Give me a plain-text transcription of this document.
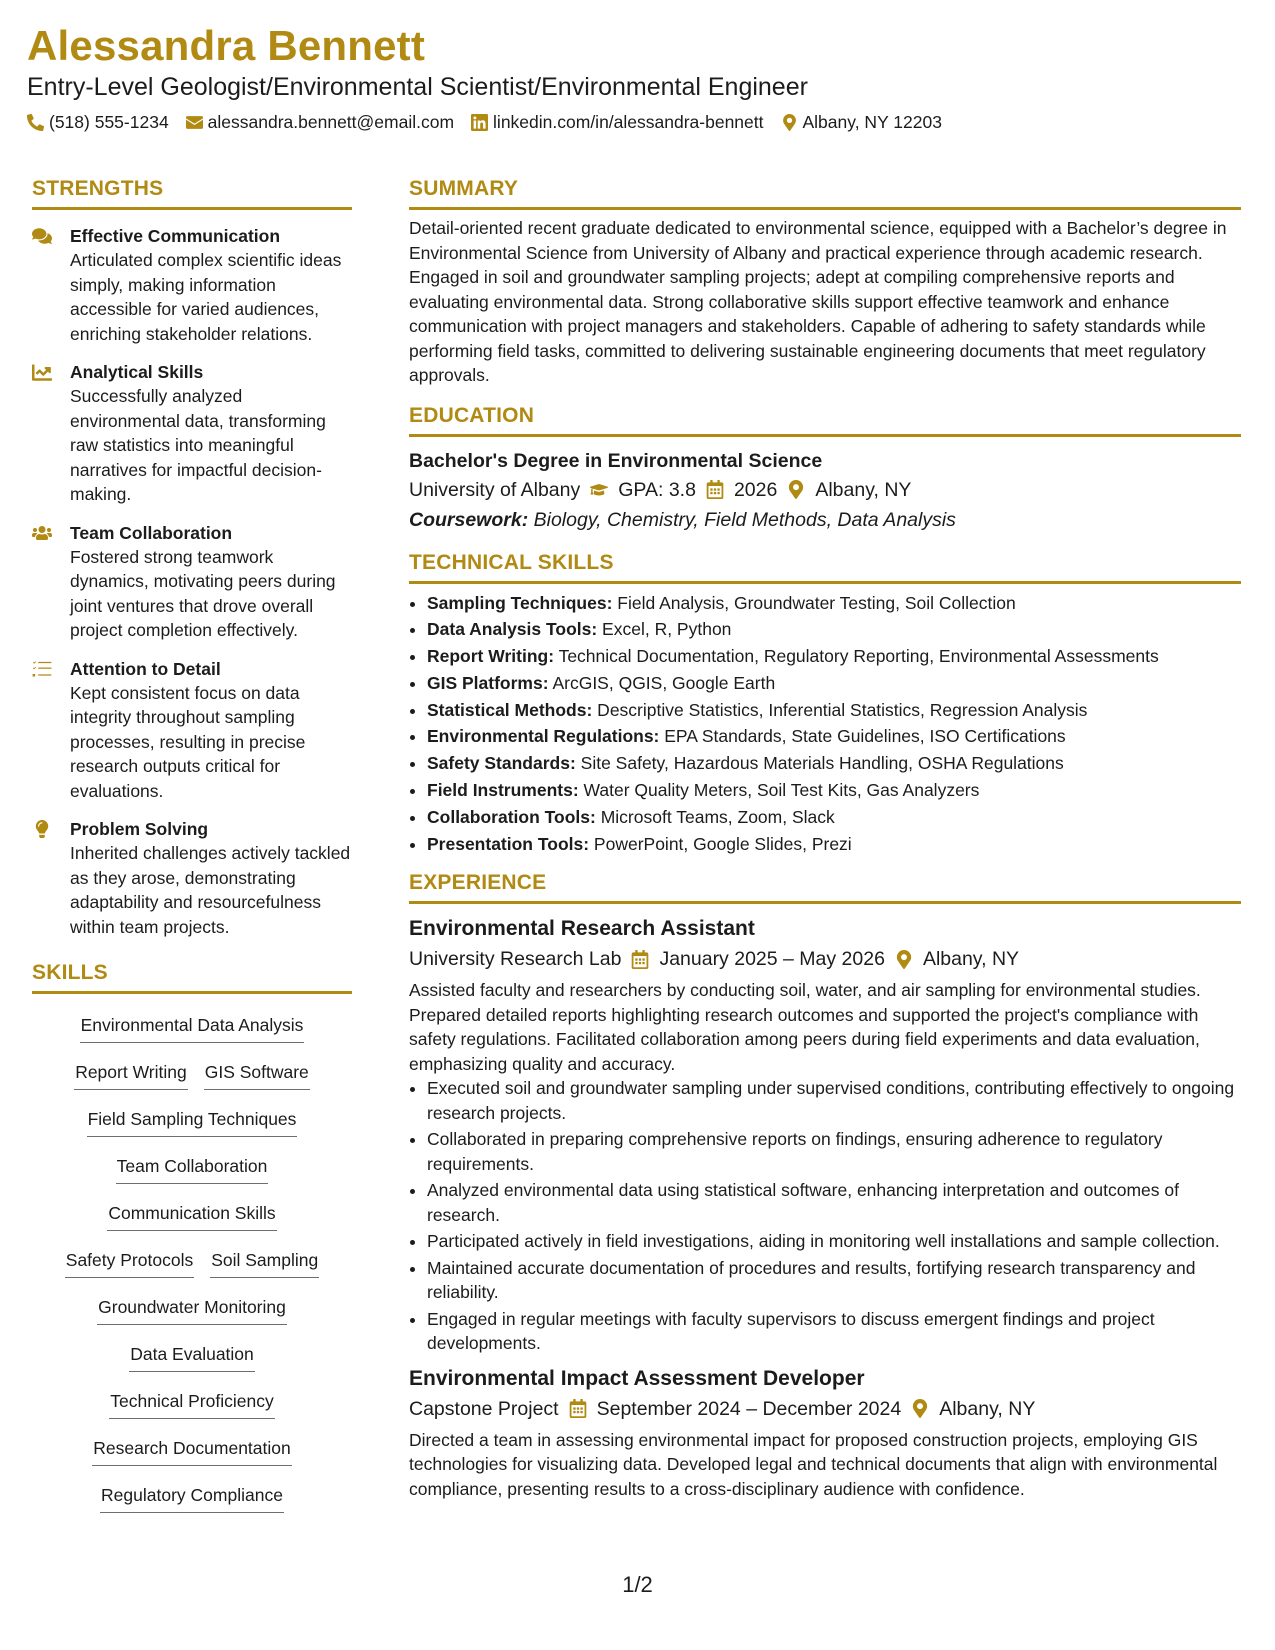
Alessandra Bennett
Entry-Level Geologist/Environmental Scientist/Environmental Engineer
(518) 555-1234 alessandra.bennett@email.com linkedin.com/in/alessandra-bennett Albany, NY 12203
STRENGTHS
Effective Communication
Articulated complex scientific ideas simply, making information accessible for varied audiences, enriching stakeholder relations.
Analytical Skills
Successfully analyzed environmental data, transforming raw statistics into meaningful narratives for impactful decision-making.
Team Collaboration
Fostered strong teamwork dynamics, motivating peers during joint ventures that drove overall project completion effectively.
Attention to Detail
Kept consistent focus on data integrity throughout sampling processes, resulting in precise research outputs critical for evaluations.
Problem Solving
Inherited challenges actively tackled as they arose, demonstrating adaptability and resourcefulness within team projects.
SKILLS
Environmental Data Analysis
Report Writing GIS Software
Field Sampling Techniques
Team Collaboration
Communication Skills
Safety Protocols Soil Sampling
Groundwater Monitoring
Data Evaluation
Technical Proficiency
Research Documentation
Regulatory Compliance
SUMMARY
Detail-oriented recent graduate dedicated to environmental science, equipped with a Bachelor’s degree in Environmental Science from University of Albany and practical experience through academic research. Engaged in soil and groundwater sampling projects; adept at compiling comprehensive reports and evaluating environmental data. Strong collaborative skills support effective teamwork and enhance communication with project managers and stakeholders. Capable of adhering to safety standards while performing field tasks, committed to delivering sustainable engineering documents that meet regulatory approvals.
EDUCATION
Bachelor's Degree in Environmental Science
University of Albany GPA: 3.8 2026 Albany, NY
Coursework: Biology, Chemistry, Field Methods, Data Analysis
TECHNICAL SKILLS
• Sampling Techniques: Field Analysis, Groundwater Testing, Soil Collection
• Data Analysis Tools: Excel, R, Python
• Report Writing: Technical Documentation, Regulatory Reporting, Environmental Assessments
• GIS Platforms: ArcGIS, QGIS, Google Earth
• Statistical Methods: Descriptive Statistics, Inferential Statistics, Regression Analysis
• Environmental Regulations: EPA Standards, State Guidelines, ISO Certifications
• Safety Standards: Site Safety, Hazardous Materials Handling, OSHA Regulations
• Field Instruments: Water Quality Meters, Soil Test Kits, Gas Analyzers
• Collaboration Tools: Microsoft Teams, Zoom, Slack
• Presentation Tools: PowerPoint, Google Slides, Prezi
EXPERIENCE
Environmental Research Assistant
University Research Lab January 2025 – May 2026 Albany, NY
Assisted faculty and researchers by conducting soil, water, and air sampling for environmental studies. Prepared detailed reports highlighting research outcomes and supported the project's compliance with safety regulations. Facilitated collaboration among peers during field experiments and data evaluation, emphasizing quality and accuracy.
• Executed soil and groundwater sampling under supervised conditions, contributing effectively to ongoing research projects.
• Collaborated in preparing comprehensive reports on findings, ensuring adherence to regulatory requirements.
• Analyzed environmental data using statistical software, enhancing interpretation and outcomes of research.
• Participated actively in field investigations, aiding in monitoring well installations and sample collection.
• Maintained accurate documentation of procedures and results, fortifying research transparency and reliability.
• Engaged in regular meetings with faculty supervisors to discuss emergent findings and project developments.
Environmental Impact Assessment Developer
Capstone Project September 2024 – December 2024 Albany, NY
Directed a team in assessing environmental impact for proposed construction projects, employing GIS technologies for visualizing data. Developed legal and technical documents that align with environmental compliance, presenting results to a cross-disciplinary audience with confidence.
1/2
